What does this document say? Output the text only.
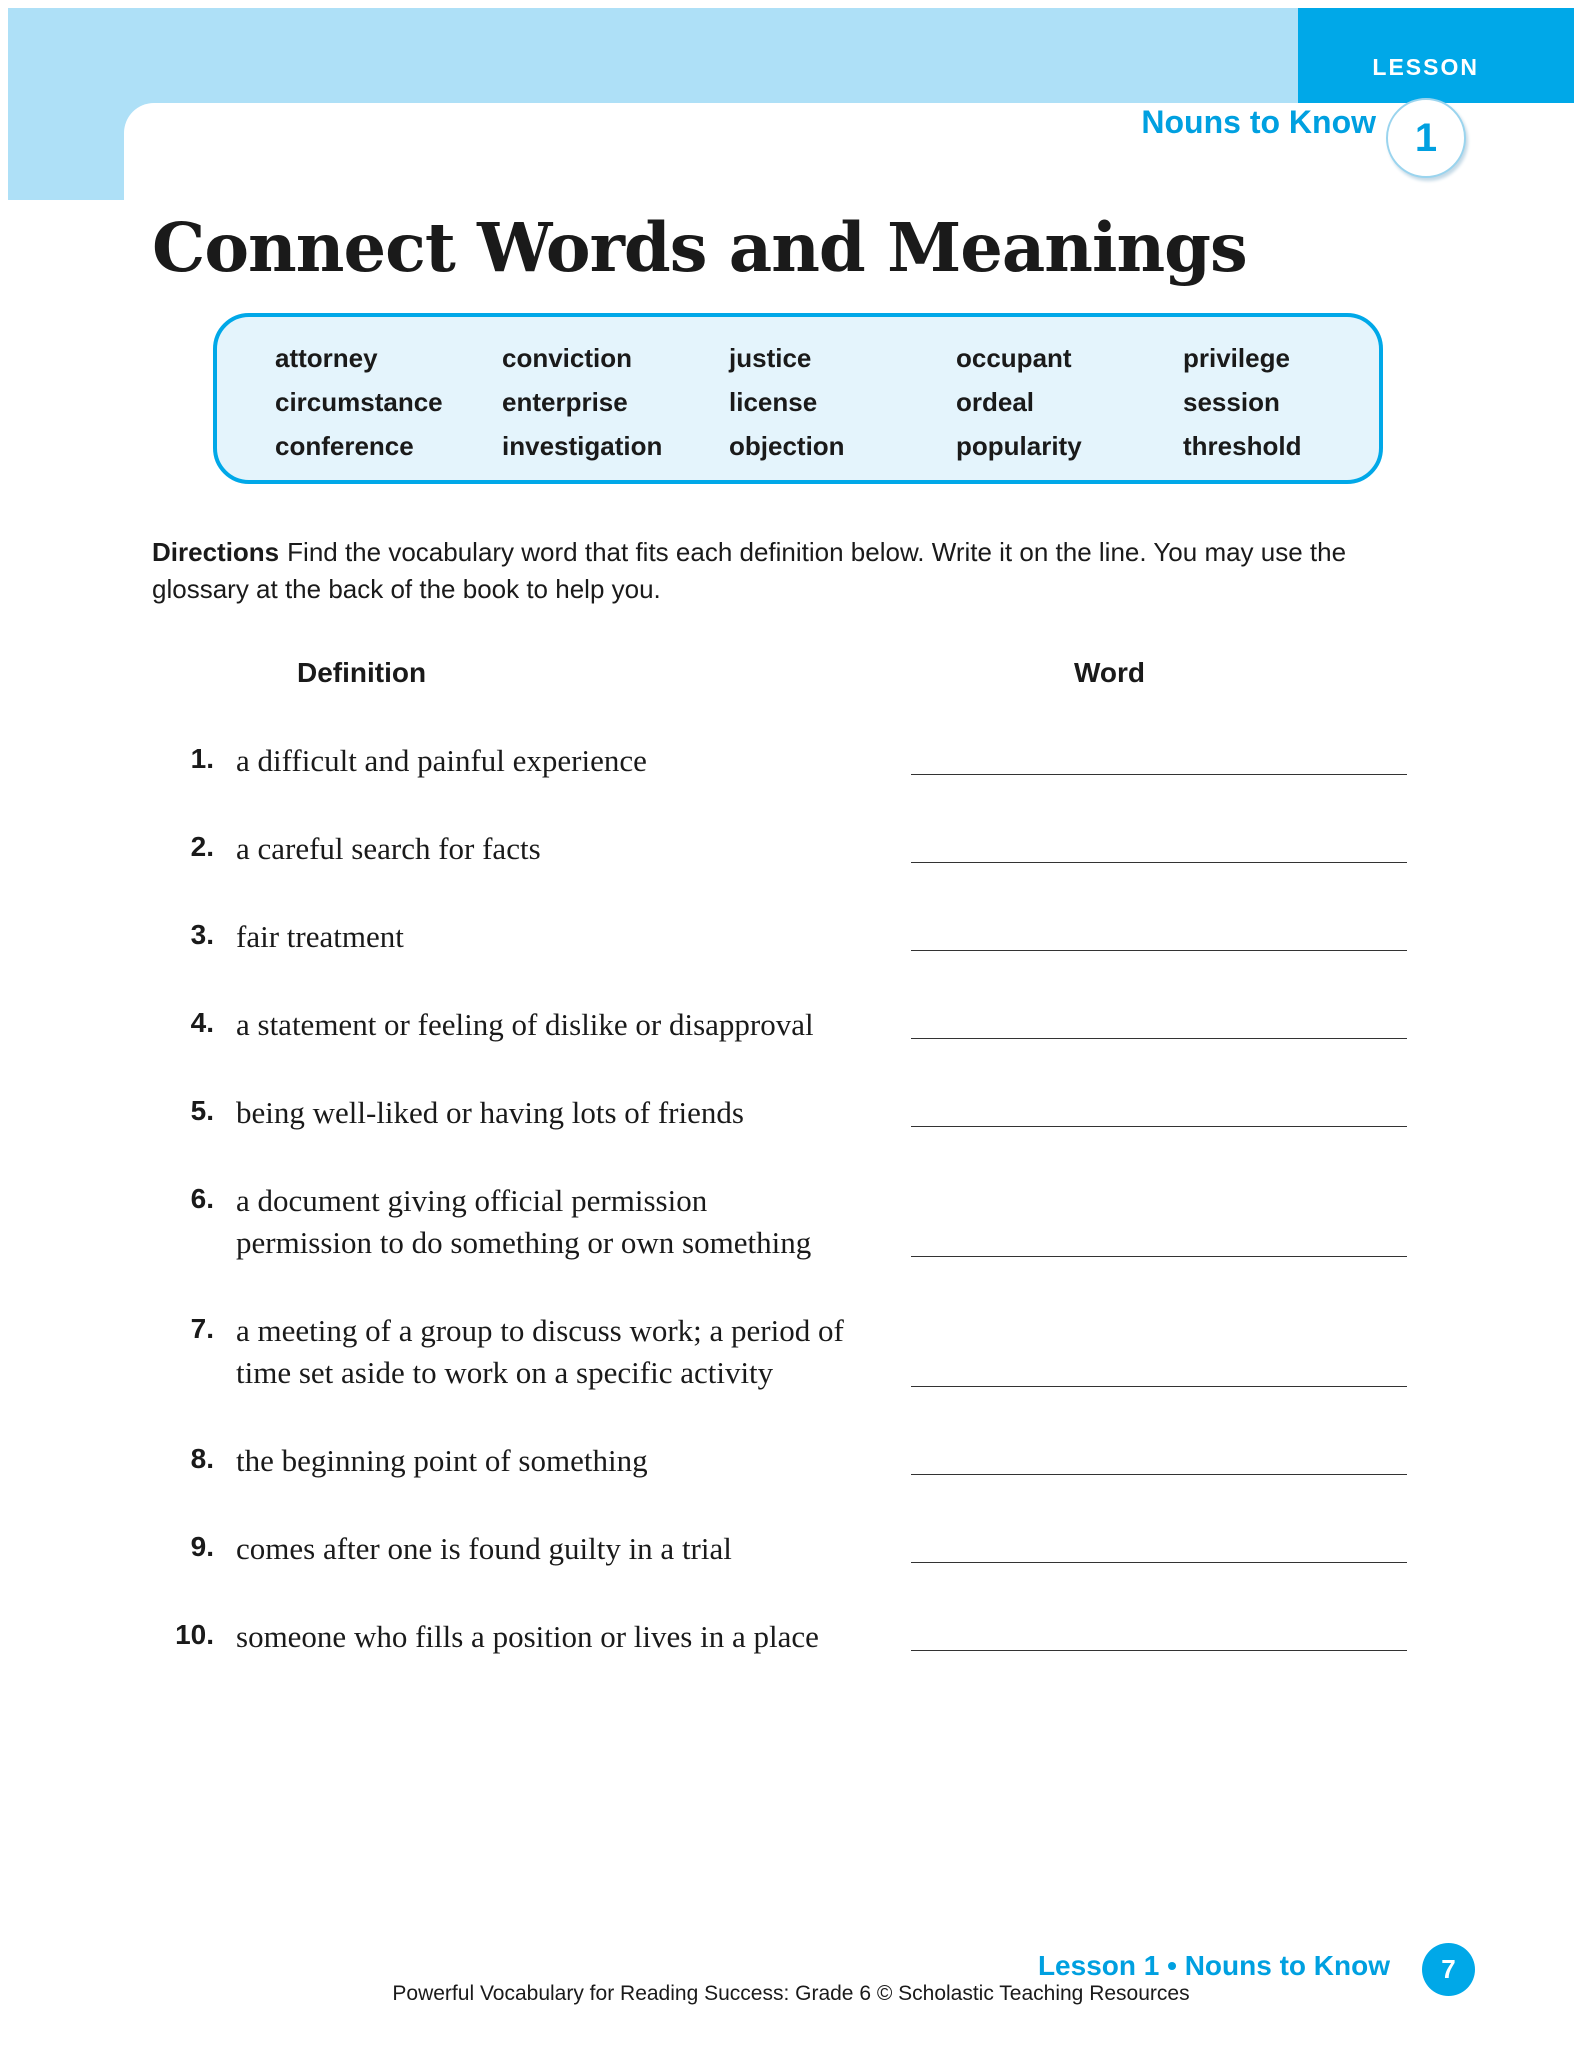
LESSON
Nouns to Know 1
Connect Words and Meanings
attorney
circumstance
conference
conviction
enterprise
investigation
justice
license
objection
occupant
ordeal
popularity
privilege
session
threshold
Directions Find the vocabulary word that fits each definition below. Write it on the line. You may use the glossary at the back of the book to help you.
Definition	Word
1. a difficult and painful experience
2. a careful search for facts
3. fair treatment
4. a statement or feeling of dislike or disapproval
5. being well-liked or having lots of friends
6. a document giving official permission
permission to do something or own something
7. a meeting of a group to discuss work; a period of
time set aside to work on a specific activity
8. the beginning point of something
9. comes after one is found guilty in a trial
10. someone who fills a position or lives in a place
Lesson 1 • Nouns to Know	7
Powerful Vocabulary for Reading Success: Grade 6 © Scholastic Teaching Resources
